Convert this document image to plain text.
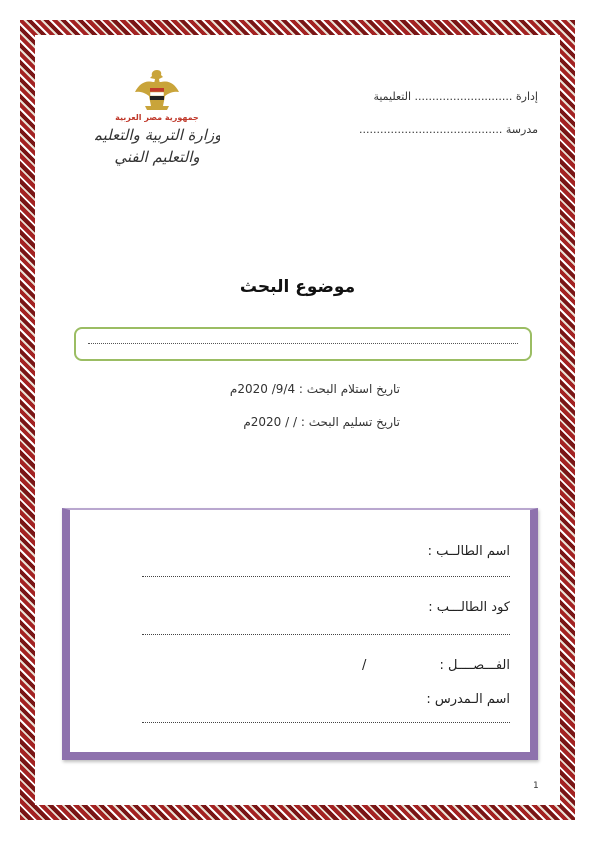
جمهورية مصر العربية
وزارة التربية والتعليم
والتعليم الفني
إدارة ............................ التعليمية
مدرسة .........................................
موضوع البحث
تاريخ استلام البحث : 9/4/ 2020م
تاريخ تسليم البحث : / / 2020م
اسم الطالــب :
كود الطالـــب :
الفـــصــــل :
/
اسم الـمدرس :
1
